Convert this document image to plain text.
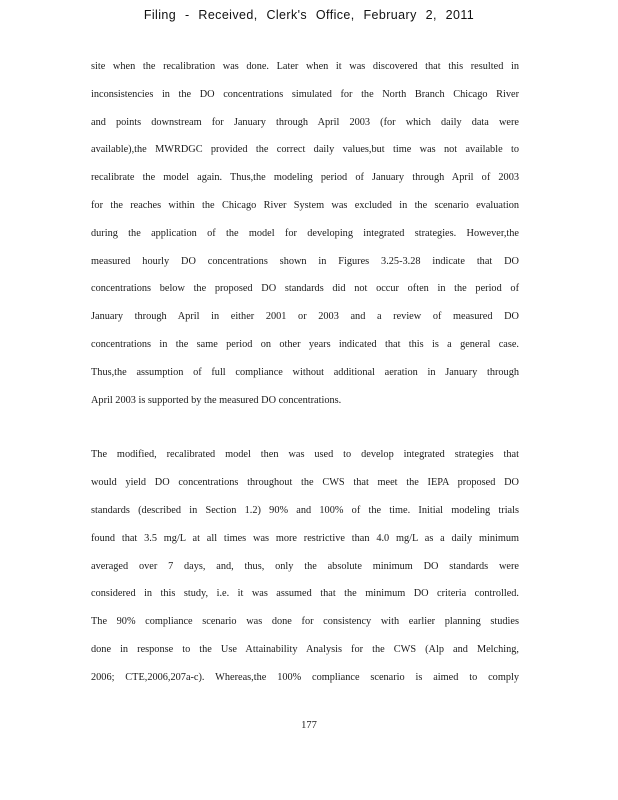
Filing - Received, Clerk's Office, February 2, 2011
site when the recalibration was done. Later when it was discovered that this resulted in
inconsistencies in the DO concentrations simulated for the North Branch Chicago River
and points downstream for January through April 2003 (for which daily data were
available),the MWRDGC provided the correct daily values,but time was not available to
recalibrate the model again. Thus,the modeling period of January through April of 2003
for the reaches within the Chicago River System was excluded in the scenario evaluation
during the application of the model for developing integrated strategies. However,the
measured hourly DO concentrations shown in Figures 3.25-3.28 indicate that DO
concentrations below the proposed DO standards did not occur often in the period of
January through April in either 2001 or 2003 and a review of measured DO
concentrations in the same period on other years indicated that this is a general case.
Thus,the assumption of full compliance without additional aeration in January through
April 2003 is supported by the measured DO concentrations.
The modified, recalibrated model then was used to develop integrated strategies that
would yield DO concentrations throughout the CWS that meet the IEPA proposed DO
standards (described in Section 1.2) 90% and 100% of the time. Initial modeling trials
found that 3.5 mg/L at all times was more restrictive than 4.0 mg/L as a daily minimum
averaged over 7 days, and, thus, only the absolute minimum DO standards were
considered in this study, i.e. it was assumed that the minimum DO criteria controlled.
The 90% compliance scenario was done for consistency with earlier planning studies
done in response to the Use Attainability Analysis for the CWS (Alp and Melching,
2006; CTE,2006,207a-c). Whereas,the 100% compliance scenario is aimed to comply
177
